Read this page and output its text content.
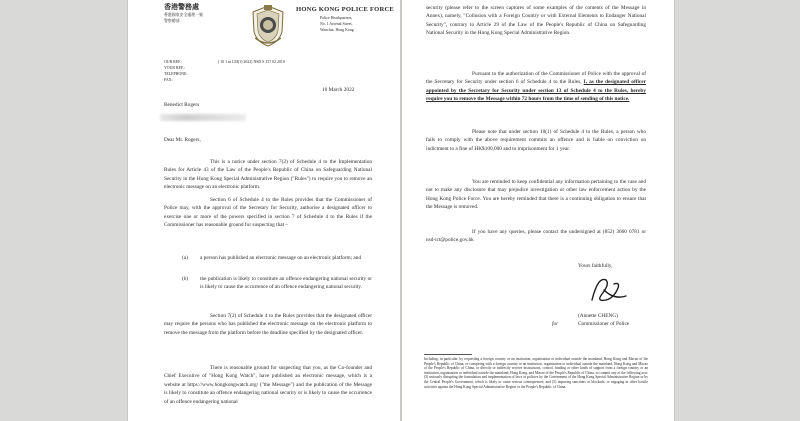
香港警務處
香港國家安全處理一號
警察總部
HONG KONG POLICE FORCE
Police Headquarters,
No. 1 Arsenal Street,
Wanchai, Hong Kong
OUR REF.:	( 10 1 in LM(1) 2022) NSD S 157 02 2010
YOUR REF.:
TELEPHONE:
FAX:
10 March 2022
Benedict Rogers
Dear Mr. Rogers,
This is a notice under section 7(2) of Schedule 4 to the Implementation Rules for Article 43 of the Law of the People's Republic of China on Safeguarding National Security in the Hong Kong Special Administrative Region ("Rules") to require you to remove an electronic message on an electronic platform.
Section 6 of Schedule 4 to the Rules provides that the Commissioner of Police may, with the approval of the Secretary for Security, authorise a designated officer to exercise one or more of the powers specified in section 7 of Schedule 4 to the Rules if the Commissioner has reasonable ground for suspecting that –
(a) a person has published an electronic message on an electronic platform; and
(b) the publication is likely to constitute an offence endangering national security or is likely to cause the occurrence of an offence endangering national security.
Section 7(2) of Schedule 4 to the Rules provides that the designated officer may require the persons who has published the electronic message on the electronic platform to remove the message from the platform before the deadline specified by the designated officer.
There is reasonable ground for suspecting that you, as the Co-founder and Chief Executive of "Hong Kong Watch", have published an electronic message, which is a website at https://www.hongkongwatch.org/ ("the Message") and the publication of the Message is likely to constitute an offence endangering national security or is likely to cause the occurrence of an offence endangering national
security (please refer to the screen captures of some examples of the contents of the Message in Annex), namely, "Collusion with a Foreign Country or with External Elements to Endanger National Security", contrary to Article 29 of the Law of the People's Republic of China on Safeguarding National Security in the Hong Kong Special Administrative Region.
Pursuant to the authorization of the Commissioner of Police with the approval of the Secretary for Security under section 6 of Schedule 4 to the Rules, I, as the designated officer appointed by the Secretary for Security under section 13 of Schedule 4 to the Rules, hereby require you to remove the Message within 72 hours from the time of sending of this notice.
Please note that under section 10(1) of Schedule 4 to the Rules, a person who fails to comply with the above requirement commits an offence and is liable on conviction on indictment to a fine of HK$100,000 and to imprisonment for 1 year.
You are reminded to keep confidential any information pertaining to the case and not to make any disclosure that may prejudice investigation or other law enforcement action by the Hong Kong Police Force. You are hereby reminded that there is a continuing obligation to ensure that the Message is removed.
If you have any queries, please contact the undersigned at (852) 3660 0781 or nsd-ict@police.gov.hk
Yours faithfully,
(Annette CHENG)
for	Commissioner of Police
Including, in particular, by requesting a foreign country or an institution, organisation or individual outside the mainland, Hong Kong and Macao of the People's Republic of China, or conspiring with a foreign country or an institution, organisation or individual outside the mainland, Hong Kong and Macao of the People's Republic of China, or directly or indirectly receive instructions, control, funding or other kinds of support from a foreign country or an institution, organisation or individual outside the mainland, Hong Kong, and Macao of the People's Republic of China, to commit any of the following acts: (5) seriously disrupting the formulation and implementation of laws or policies by the Government of the Hong Kong Special Administrative Region or by the Central People's Government, which is likely to cause serious consequences; and (5) imposing sanctions or blockade, or engaging in other hostile activities against the Hong Kong Special Administrative Region or the People's Republic of China.
